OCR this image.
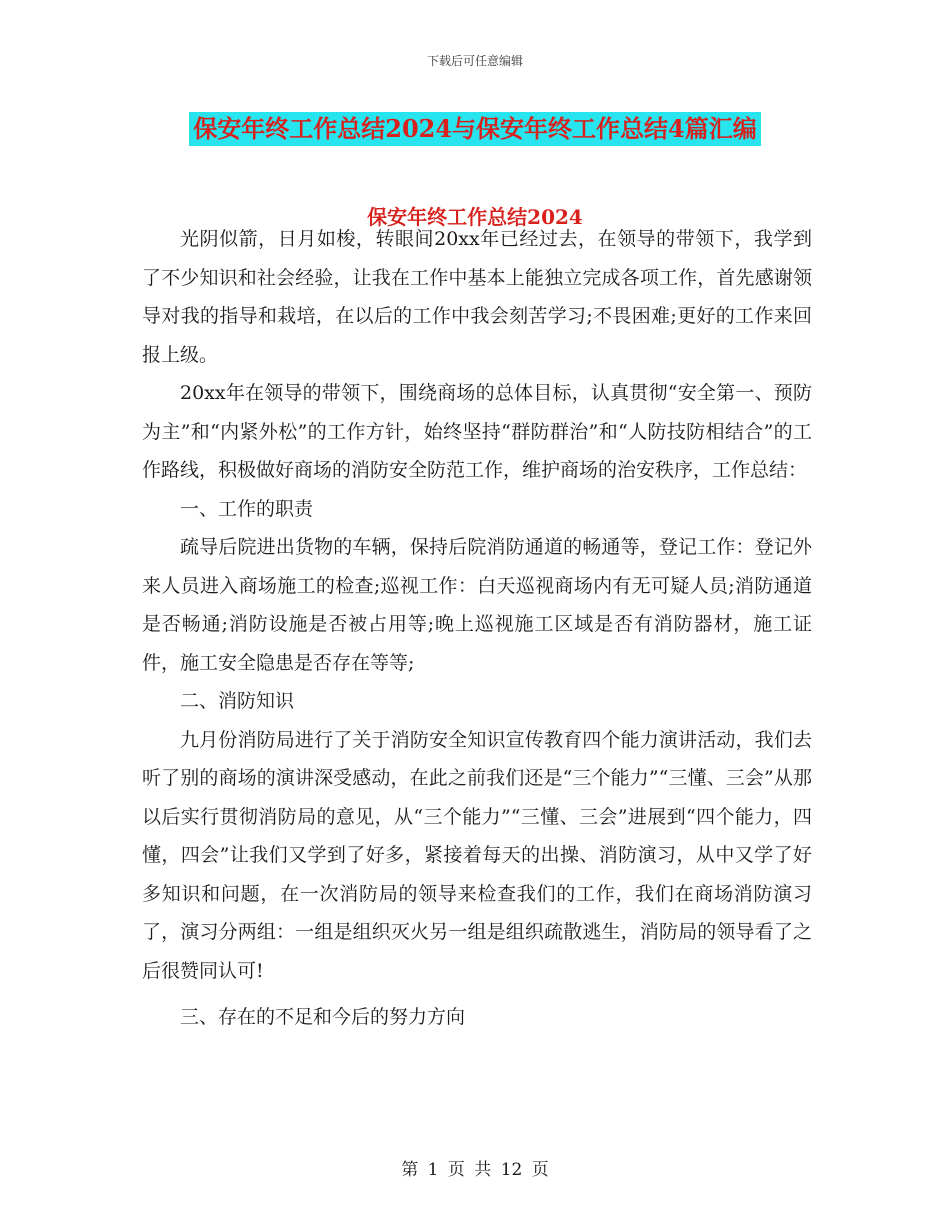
下载后可任意编辑
保安年终工作总结2024与保安年终工作总结4篇汇编
保安年终工作总结2024

光阴似箭，日月如梭，转眼间20xx年已经过去，在领导的带领下，我学到了不少知识和社会经验，让我在工作中基本上能独立完成各项工作，首先感谢领导对我的指导和栽培，在以后的工作中我会刻苦学习;不畏困难;更好的工作来回报上级。

20xx年在领导的带领下，围绕商场的总体目标，认真贯彻“安全第一、预防为主”和“内紧外松”的工作方针，始终坚持“群防群治”和“人防技防相结合”的工作路线，积极做好商场的消防安全防范工作，维护商场的治安秩序，工作总结：

一、工作的职责

疏导后院进出货物的车辆，保持后院消防通道的畅通等，登记工作：登记外来人员进入商场施工的检查;巡视工作：白天巡视商场内有无可疑人员;消防通道是否畅通;消防设施是否被占用等;晚上巡视施工区域是否有消防器材，施工证件，施工安全隐患是否存在等等;

二、消防知识

九月份消防局进行了关于消防安全知识宣传教育四个能力演讲活动，我们去听了别的商场的演讲深受感动，在此之前我们还是“三个能力”“三懂、三会”从那以后实行贯彻消防局的意见，从“三个能力”“三懂、三会”进展到“四个能力，四懂，四会”让我们又学到了好多，紧接着每天的出操、消防演习，从中又学了好多知识和问题，在一次消防局的领导来检查我们的工作，我们在商场消防演习了，演习分两组：一组是组织灭火另一组是组织疏散逃生，消防局的领导看了之后很赞同认可!

三、存在的不足和今后的努力方向

第 1 页 共 12 页
